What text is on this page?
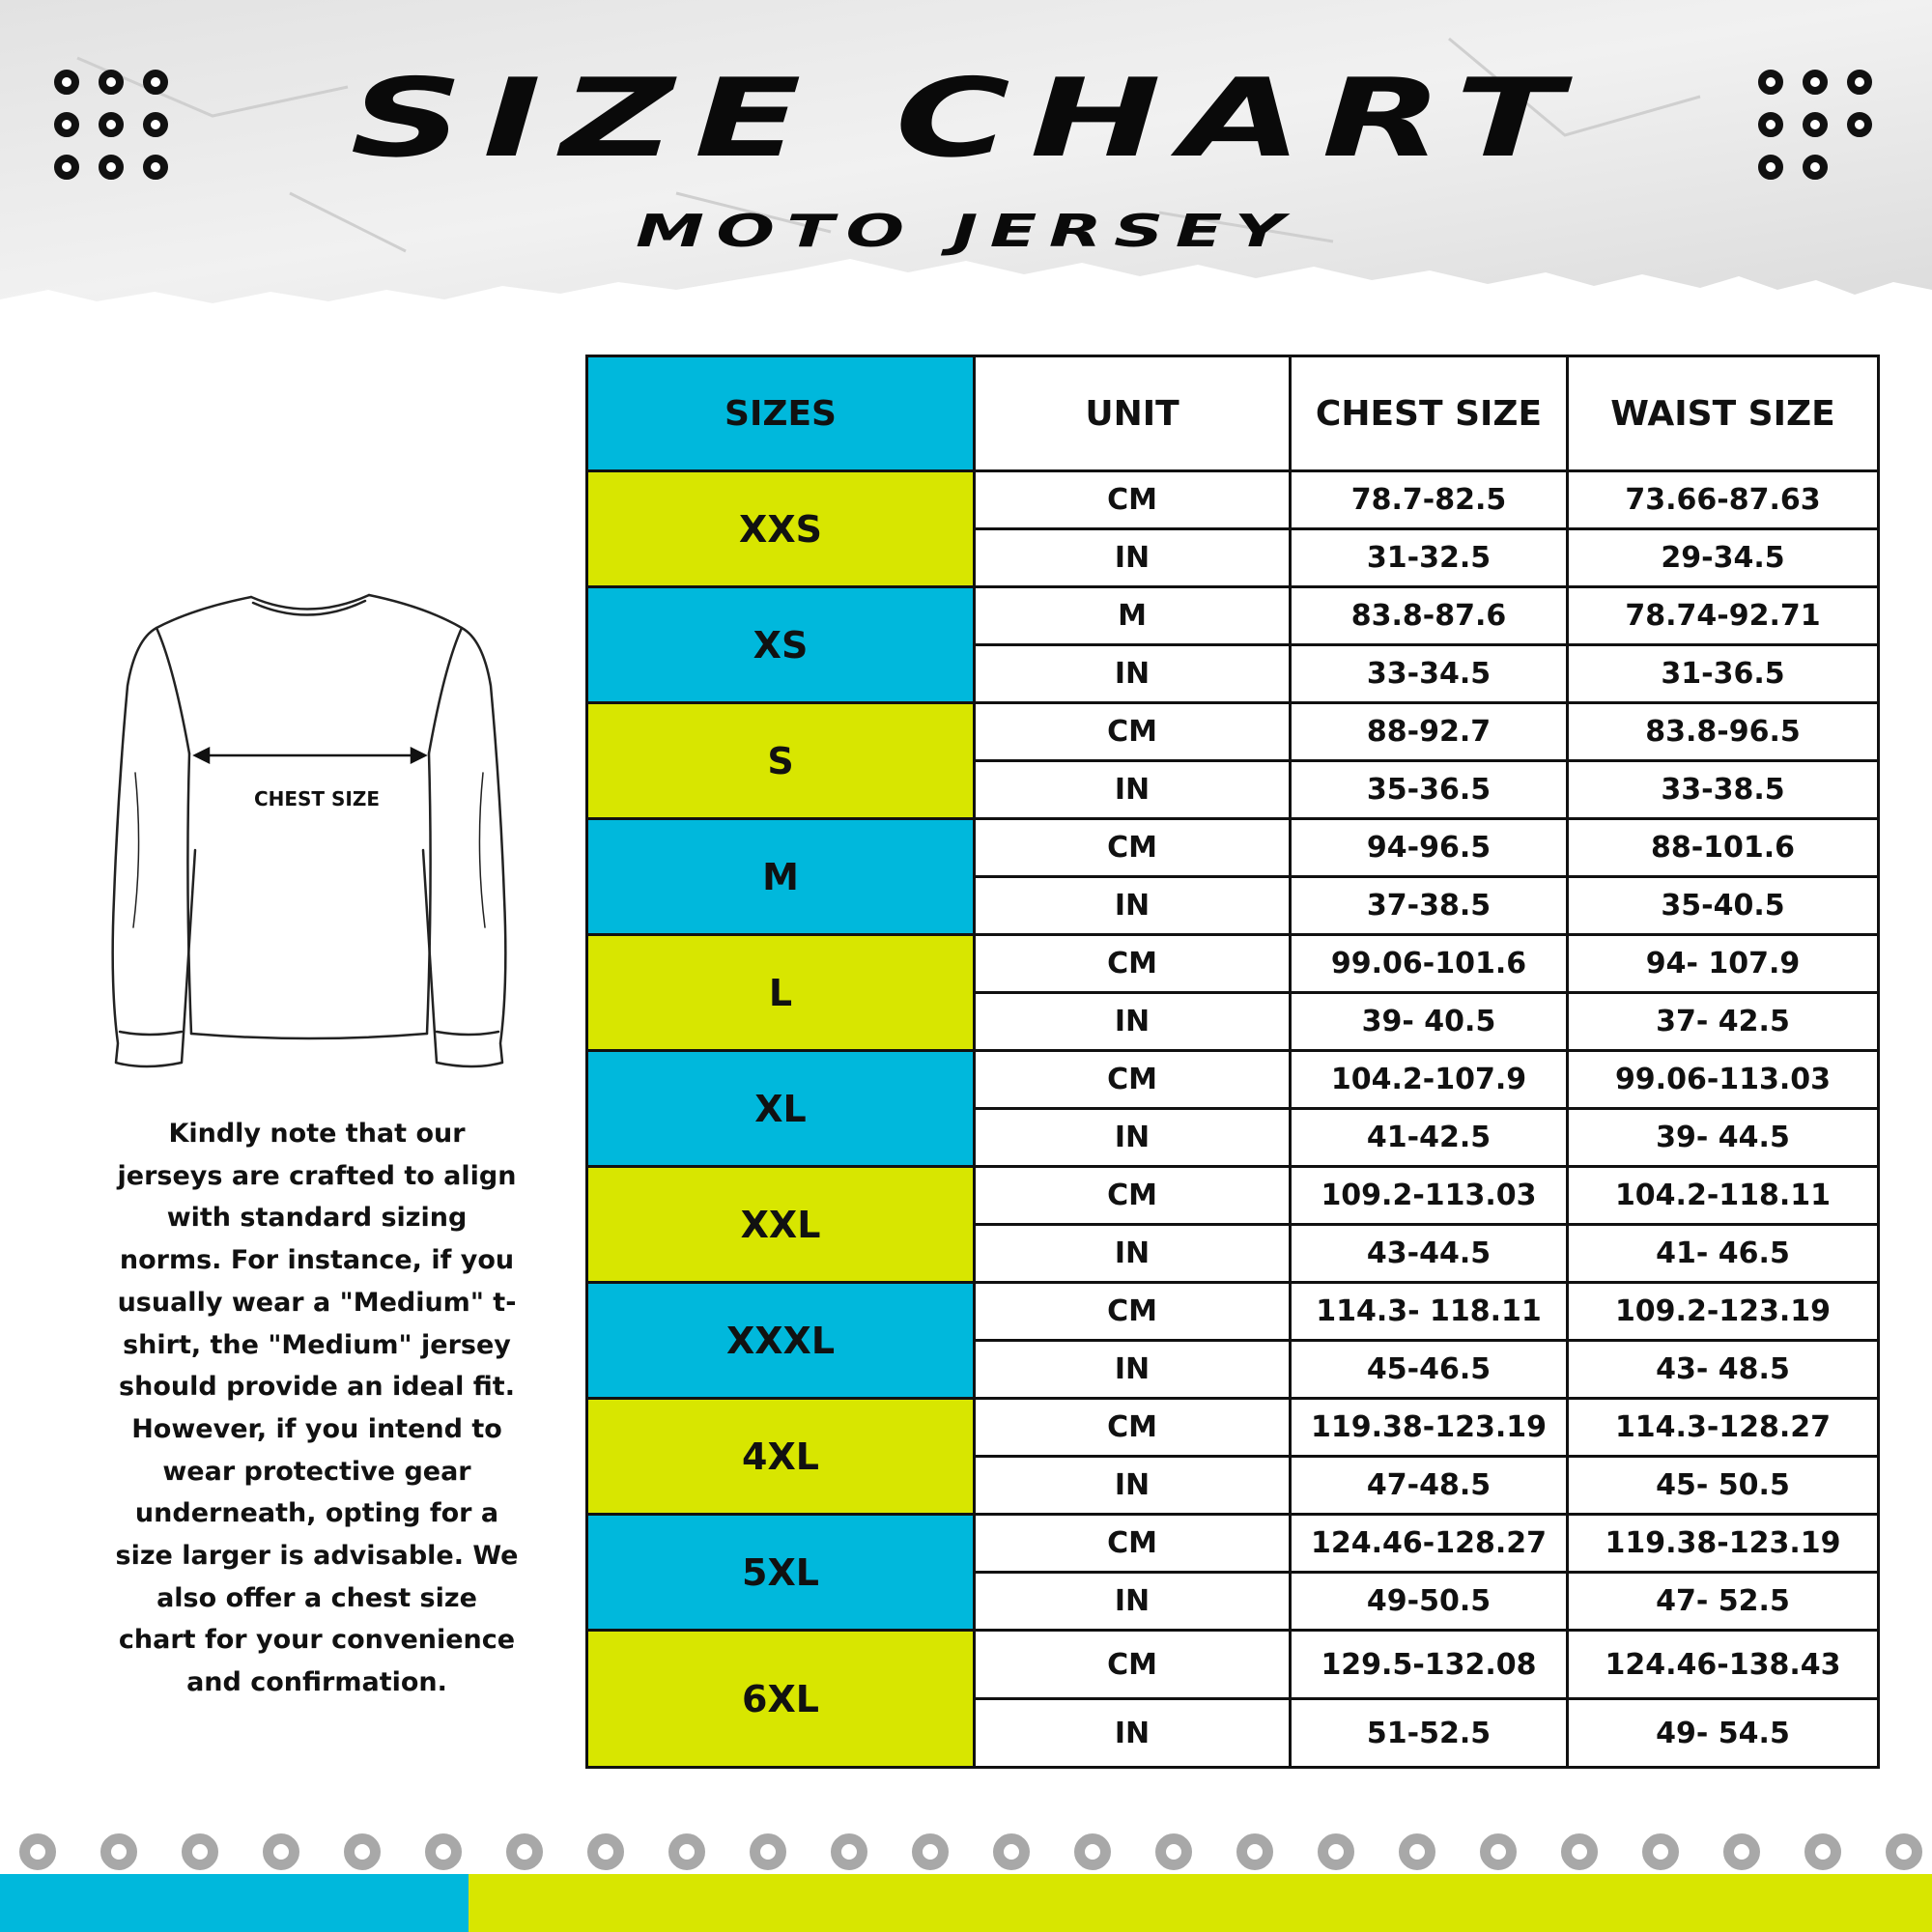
SIZE CHART
MOTO JERSEY
CHEST SIZE

Kindly note that our jerseys are crafted to align with standard sizing norms. For instance, if you usually wear a "Medium" t-shirt, the "Medium" jersey should provide an ideal fit. However, if you intend to wear protective gear underneath, opting for a size larger is advisable. We also offer a chest size chart for your convenience and confirmation.

SIZES	UNIT	CHEST SIZE	WAIST SIZE
XXS	CM	78.7-82.5	73.66-87.63
	IN	31-32.5	29-34.5
XS	M	83.8-87.6	78.74-92.71
	IN	33-34.5	31-36.5
S	CM	88-92.7	83.8-96.5
	IN	35-36.5	33-38.5
M	CM	94-96.5	88-101.6
	IN	37-38.5	35-40.5
L	CM	99.06-101.6	94- 107.9
	IN	39- 40.5	37- 42.5
XL	CM	104.2-107.9	99.06-113.03
	IN	41-42.5	39- 44.5
XXL	CM	109.2-113.03	104.2-118.11
	IN	43-44.5	41- 46.5
XXXL	CM	114.3- 118.11	109.2-123.19
	IN	45-46.5	43- 48.5
4XL	CM	119.38-123.19	114.3-128.27
	IN	47-48.5	45- 50.5
5XL	CM	124.46-128.27	119.38-123.19
	IN	49-50.5	47- 52.5
6XL	CM	129.5-132.08	124.46-138.43
	IN	51-52.5	49- 54.5
